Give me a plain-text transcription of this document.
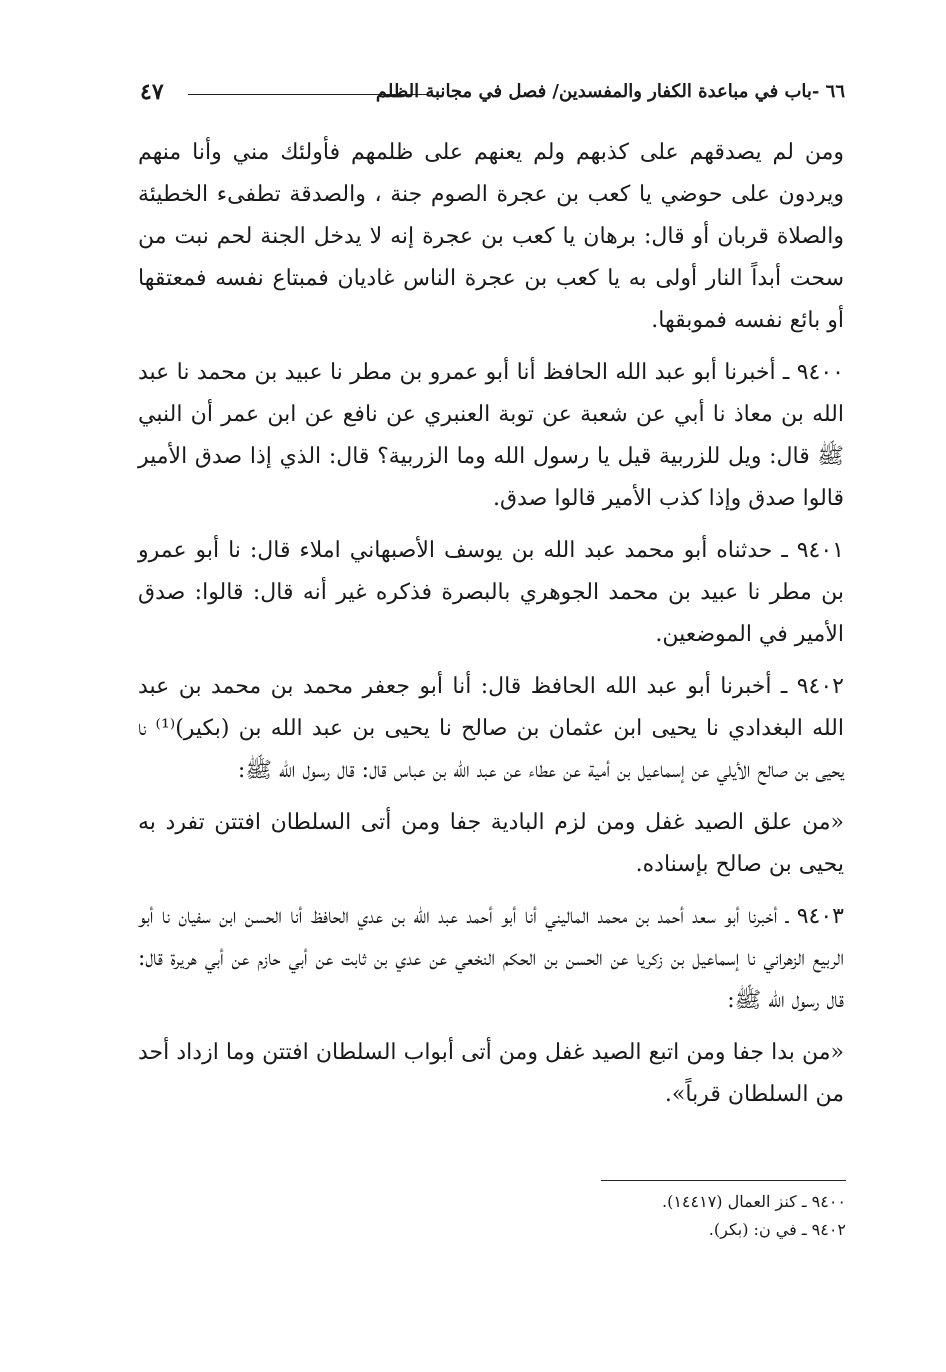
٤٧	٦٦ -باب في مباعدة الكفار والمفسدين/ فصل في مجانبة الظلم

ومن لم يصدقهم على كذبهم ولم يعنهم على ظلمهم فأولئك مني وأنا منهم ويردون على حوضي يا كعب بن عجرة الصوم جنة ، والصدقة تطفىء الخطيئة والصلاة قربان أو قال: برهان يا كعب بن عجرة إنه لا يدخل الجنة لحم نبت من سحت أبداً النار أولى به يا كعب بن عجرة الناس غاديان فمبتاع نفسه فمعتقها أو بائع نفسه فموبقها.

٩٤٠٠ ـ أخبرنا أبو عبد الله الحافظ أنا أبو عمرو بن مطر نا عبيد بن محمد نا عبد الله بن معاذ نا أبي عن شعبة عن توبة العنبري عن نافع عن ابن عمر أن النبي ﷺ قال: ويل للزربية قيل يا رسول الله وما الزربية؟ قال: الذي إذا صدق الأمير قالوا صدق وإذا كذب الأمير قالوا صدق.

٩٤٠١ ـ حدثناه أبو محمد عبد الله بن يوسف الأصبهاني املاء قال: نا أبو عمرو بن مطر نا عبيد بن محمد الجوهري بالبصرة فذكره غير أنه قال: قالوا: صدق الأمير في الموضعين.

٩٤٠٢ ـ أخبرنا أبو عبد الله الحافظ قال: أنا أبو جعفر محمد بن محمد بن عبد الله البغدادي نا يحيى ابن عثمان بن صالح نا يحيى بن عبد الله بن (بكير)⁽¹⁾ نا يحيى بن صالح الأيلي عن إسماعيل بن أمية عن عطاء عن عبد الله بن عباس قال: قال رسول الله ﷺ:

«من علق الصيد غفل ومن لزم البادية جفا ومن أتى السلطان افتتن تفرد به يحيى بن صالح بإسناده.

٩٤٠٣ ـ أخبرنا أبو سعد أحمد بن محمد الماليني أنا أبو أحمد عبد الله بن عدي الحافظ أنا الحسن ابن سفيان نا أبو الربيع الزهراني نا إسماعيل بن زكريا عن الحسن بن الحكم النخعي عن عدي بن ثابت عن أبي حازم عن أبي هريرة قال: قال رسول الله ﷺ:

«من بدا جفا ومن اتبع الصيد غفل ومن أتى أبواب السلطان افتتن وما ازداد أحد من السلطان قرباً».

٩٤٠٠ ـ كنز العمال (١٤٤١٧).
٩٤٠٢ ـ في ن: (بكر).
